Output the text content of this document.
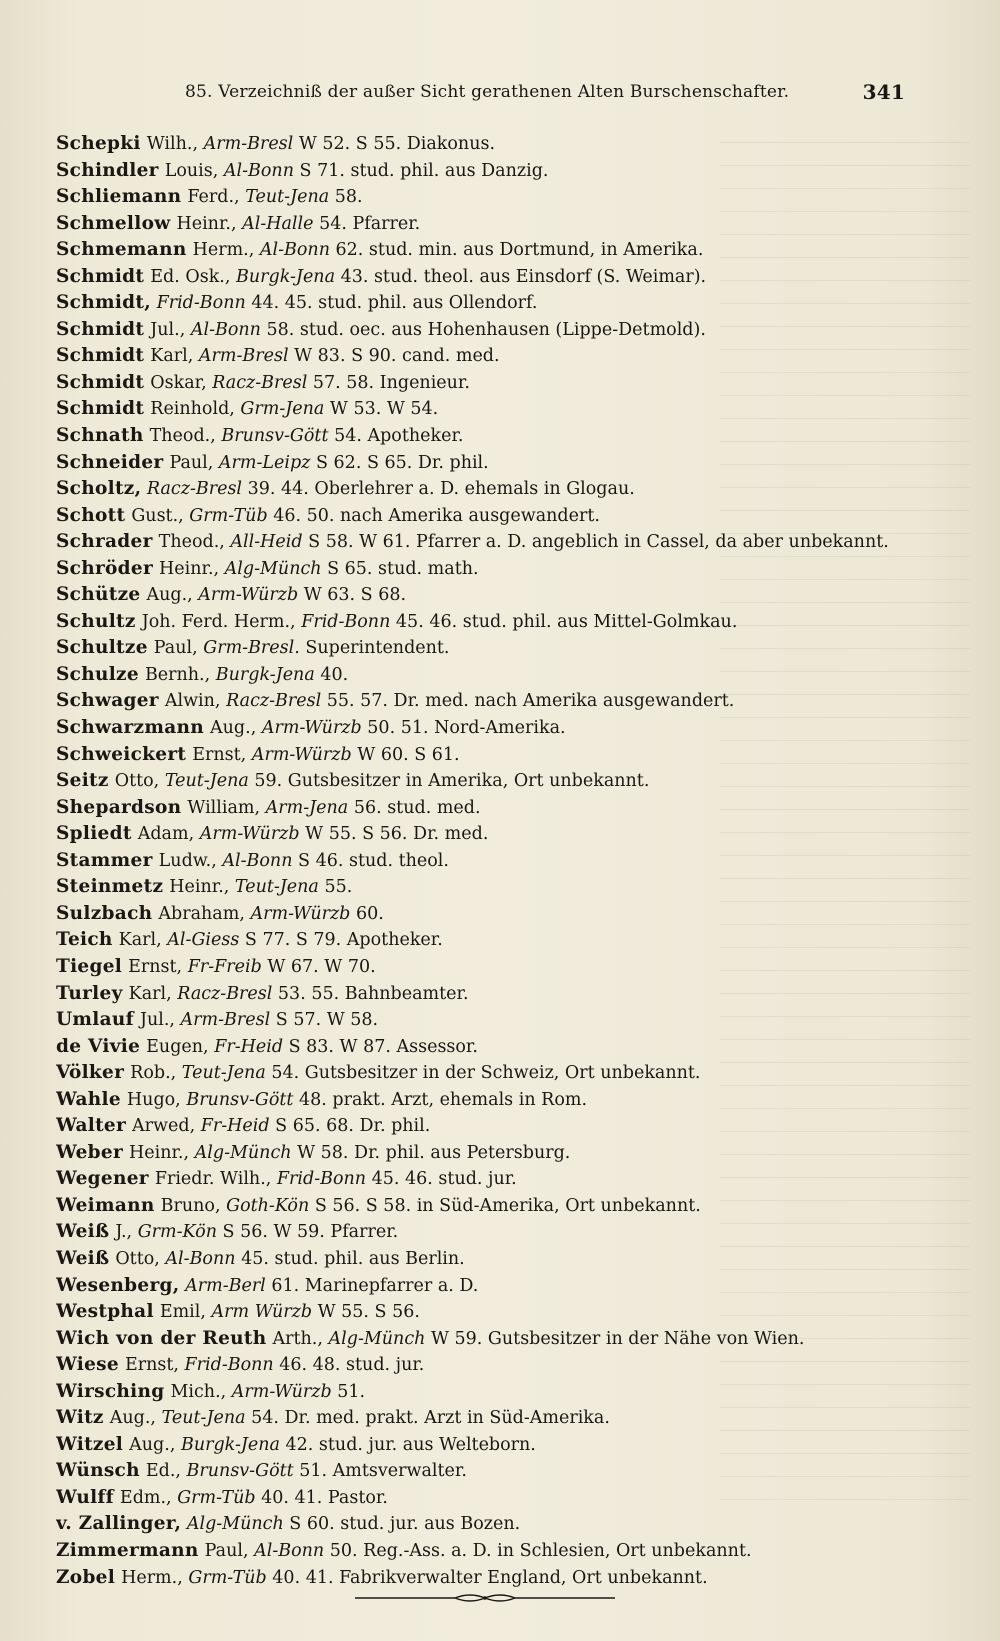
85. Verzeichniß der außer Sicht gerathenen Alten Burschenschafter.	341
Schepki Wilh., Arm-Bresl W 52. S 55. Diakonus.
Schindler Louis, Al-Bonn S 71. stud. phil. aus Danzig.
Schliemann Ferd., Teut-Jena 58.
Schmellow Heinr., Al-Halle 54. Pfarrer.
Schmemann Herm., Al-Bonn 62. stud. min. aus Dortmund, in Amerika.
Schmidt Ed. Osk., Burgk-Jena 43. stud. theol. aus Einsdorf (S. Weimar).
Schmidt, Frid-Bonn 44. 45. stud. phil. aus Ollendorf.
Schmidt Jul., Al-Bonn 58. stud. oec. aus Hohenhausen (Lippe-Detmold).
Schmidt Karl, Arm-Bresl W 83. S 90. cand. med.
Schmidt Oskar, Racz-Bresl 57. 58. Ingenieur.
Schmidt Reinhold, Grm-Jena W 53. W 54.
Schnath Theod., Brunsv-Gött 54. Apotheker.
Schneider Paul, Arm-Leipz S 62. S 65. Dr. phil.
Scholtz, Racz-Bresl 39. 44. Oberlehrer a. D. ehemals in Glogau.
Schott Gust., Grm-Tüb 46. 50. nach Amerika ausgewandert.
Schrader Theod., All-Heid S 58. W 61. Pfarrer a. D. angeblich in Cassel, da aber unbekannt.
Schröder Heinr., Alg-Münch S 65. stud. math.
Schütze Aug., Arm-Würzb W 63. S 68.
Schultz Joh. Ferd. Herm., Frid-Bonn 45. 46. stud. phil. aus Mittel-Golmkau.
Schultze Paul, Grm-Bresl. Superintendent.
Schulze Bernh., Burgk-Jena 40.
Schwager Alwin, Racz-Bresl 55. 57. Dr. med. nach Amerika ausgewandert.
Schwarzmann Aug., Arm-Würzb 50. 51. Nord-Amerika.
Schweickert Ernst, Arm-Würzb W 60. S 61.
Seitz Otto, Teut-Jena 59. Gutsbesitzer in Amerika, Ort unbekannt.
Shepardson William, Arm-Jena 56. stud. med.
Spliedt Adam, Arm-Würzb W 55. S 56. Dr. med.
Stammer Ludw., Al-Bonn S 46. stud. theol.
Steinmetz Heinr., Teut-Jena 55.
Sulzbach Abraham, Arm-Würzb 60.
Teich Karl, Al-Giess S 77. S 79. Apotheker.
Tiegel Ernst, Fr-Freib W 67. W 70.
Turley Karl, Racz-Bresl 53. 55. Bahnbeamter.
Umlauf Jul., Arm-Bresl S 57. W 58.
de Vivie Eugen, Fr-Heid S 83. W 87. Assessor.
Völker Rob., Teut-Jena 54. Gutsbesitzer in der Schweiz, Ort unbekannt.
Wahle Hugo, Brunsv-Gött 48. prakt. Arzt, ehemals in Rom.
Walter Arwed, Fr-Heid S 65. 68. Dr. phil.
Weber Heinr., Alg-Münch W 58. Dr. phil. aus Petersburg.
Wegener Friedr. Wilh., Frid-Bonn 45. 46. stud. jur.
Weimann Bruno, Goth-Kön S 56. S 58. in Süd-Amerika, Ort unbekannt.
Weiß J., Grm-Kön S 56. W 59. Pfarrer.
Weiß Otto, Al-Bonn 45. stud. phil. aus Berlin.
Wesenberg, Arm-Berl 61. Marinepfarrer a. D.
Westphal Emil, Arm Würzb W 55. S 56.
Wich von der Reuth Arth., Alg-Münch W 59. Gutsbesitzer in der Nähe von Wien.
Wiese Ernst, Frid-Bonn 46. 48. stud. jur.
Wirsching Mich., Arm-Würzb 51.
Witz Aug., Teut-Jena 54. Dr. med. prakt. Arzt in Süd-Amerika.
Witzel Aug., Burgk-Jena 42. stud. jur. aus Welteborn.
Wünsch Ed., Brunsv-Gött 51. Amtsverwalter.
Wulff Edm., Grm-Tüb 40. 41. Pastor.
v. Zallinger, Alg-Münch S 60. stud. jur. aus Bozen.
Zimmermann Paul, Al-Bonn 50. Reg.-Ass. a. D. in Schlesien, Ort unbekannt.
Zobel Herm., Grm-Tüb 40. 41. Fabrikverwalter England, Ort unbekannt.
